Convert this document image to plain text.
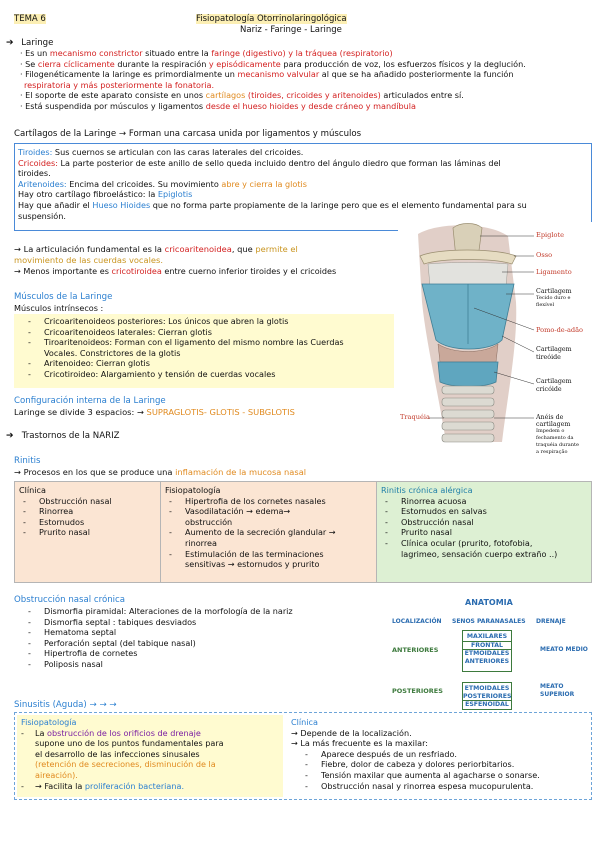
TEMA 6	Fisiopatología Otorrinolaringológica
Nariz - Faringe - Laringe
➔ Laringe
· Es un mecanismo constrictor situado entre la faringe (digestivo) y la tráquea (respiratorio)
· Se cierra cíclicamente durante la respiración y episódicamente para producción de voz, los esfuerzos físicos y la deglución.
· Filogenéticamente la laringe es primordialmente un mecanismo valvular al que se ha añadido posteriormente la función
respiratoria y más posteriormente la fonatoria.
· El soporte de este aparato consiste en unos cartílagos (tiroides, cricoides y aritenoides) articulados entre sí.
· Está suspendida por músculos y ligamentos desde el hueso hioides y desde cráneo y mandíbula
Cartílagos de la Laringe → Forman una carcasa unida por ligamentos y músculos
Tiroides: Sus cuernos se articulan con las caras laterales del cricoides.
Cricoides: La parte posterior de este anillo de sello queda incluido dentro del ángulo diedro que forman las láminas del
tiroides.
Aritenoides: Encima del cricoides. Su movimiento abre y cierra la glotis
Hay otro cartílago fibroelástico: la Epiglotis
Hay que añadir el Hueso Hioides que no forma parte propiamente de la laringe pero que es el elemento fundamental para su
suspensión.
Epiglote
Osso
Ligamento
Cartilagem
Tecido duro e
flexível
Pomo-de-adão
Cartilagem
tireóide
Cartilagem
cricóide
Traquéia	Anéis de cartilagem
Impedem o
fechamento da
traquéia durante
a respiração
→ La articulación fundamental es la cricoaritenoidea, que permite el
movimiento de las cuerdas vocales.
→ Menos importante es cricotiroidea entre cuerno inferior tiroides y el cricoides
Músculos de la Laringe
Músculos intrínsecos :
- Cricoaritenoideos posteriores: Los únicos que abren la glotis
- Cricoaritenoideos laterales: Cierran glotis
- Tiroaritenoideos: Forman con el ligamento del mismo nombre las Cuerdas
Vocales. Constrictores de la glotis
- Aritenoideo: Cierran glotis
- Cricotiroideo: Alargamiento y tensión de cuerdas vocales
Configuración interna de la Laringe
Laringe se divide 3 espacios: → SUPRAGLOTIS- GLOTIS - SUBGLOTIS
➔ Trastornos de la NARIZ
Rinitis
→ Procesos en los que se produce una inflamación de la mucosa nasal
Clínica
- Obstrucción nasal
- Rinorrea
- Estornudos
- Prurito nasal
Fisiopatología
- Hipertrofia de los cornetes nasales
- Vasodilatación → edema→
obstrucción
- Aumento de la secreción glandular →
rinorrea
- Estimulación de las terminaciones
sensitivas → estornudos y prurito
Rinitis crónica alérgica
- Rinorrea acuosa
- Estornudos en salvas
- Obstrucción nasal
- Prurito nasal
- Clínica ocular (prurito, fotofobia,
lagrimeo, sensación cuerpo extraño ..)
Obstrucción nasal crónica
- Dismorfia piramidal: Alteraciones de la morfología de la nariz
- Dismorfia septal : tabiques desviados
- Hematoma septal
- Perforación septal (del tabique nasal)
- Hipertrofia de cornetes
- Poliposis nasal
ANATOMIA
LOCALIZACIÓN SENOS PARANASALES DRENAJE
ANTERIORES
POSTERIORES
MAXILARES
FRONTAL
ETMOIDALES
ANTERIORES
ETMOIDALES
POSTERIORES
ESFENOIDAL
MEATO MEDIO
MEATO
SUPERIOR
Sinusitis (Aguda) → → →
Fisiopatología
- La obstrucción de los orificios de drenaje
supone uno de los puntos fundamentales para
el desarrollo de las infecciones sinusales
(retención de secreciones, disminución de la
aireación).
- → Facilita la proliferación bacteriana.
Clínica
→ Depende de la localización.
→ La más frecuente es la maxilar:
- Aparece después de un resfriado.
- Fiebre, dolor de cabeza y dolores periorbitarios.
- Tensión maxilar que aumenta al agacharse o sonarse.
- Obstrucción nasal y rinorrea espesa mucopurulenta.
